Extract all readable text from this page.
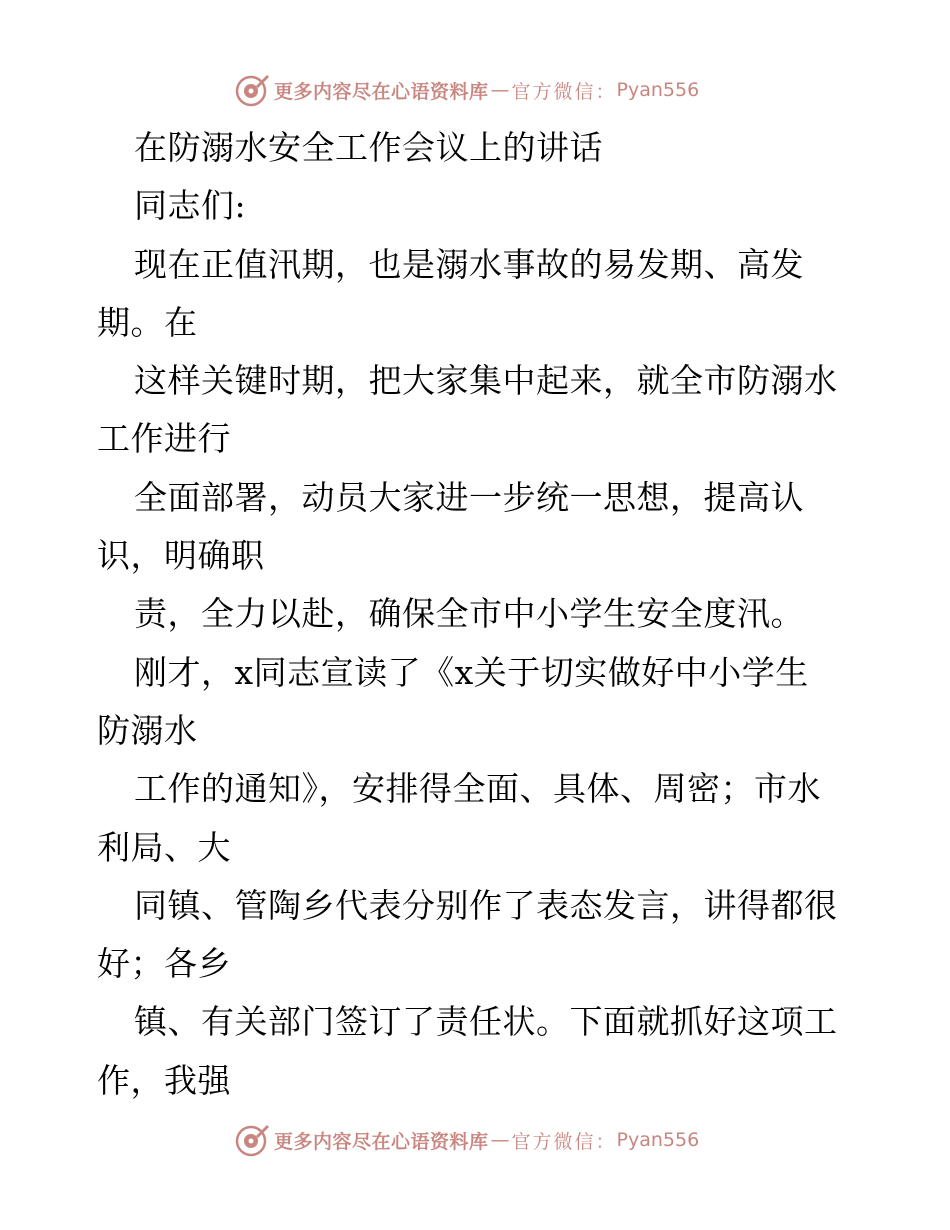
更多内容尽在心语资料库 — 官方微信： Pyan556
在防溺水安全工作会议上的讲话
同志们:
现在正值汛期，也是溺水事故的易发期、高发
期。在
这样关键时期，把大家集中起来，就全市防溺水
工作进行
全面部署，动员大家进一步统一思想，提高认
识，明确职
责，全力以赴，确保全市中小学生安全度汛。
刚才，x同志宣读了《x关于切实做好中小学生
防溺水
工作的通知》，安排得全面、具体、周密；市水
利局、大
同镇、管陶乡代表分别作了表态发言，讲得都很
好；各乡
镇、有关部门签订了责任状。下面就抓好这项工
作，我强
更多内容尽在心语资料库 — 官方微信： Pyan556
